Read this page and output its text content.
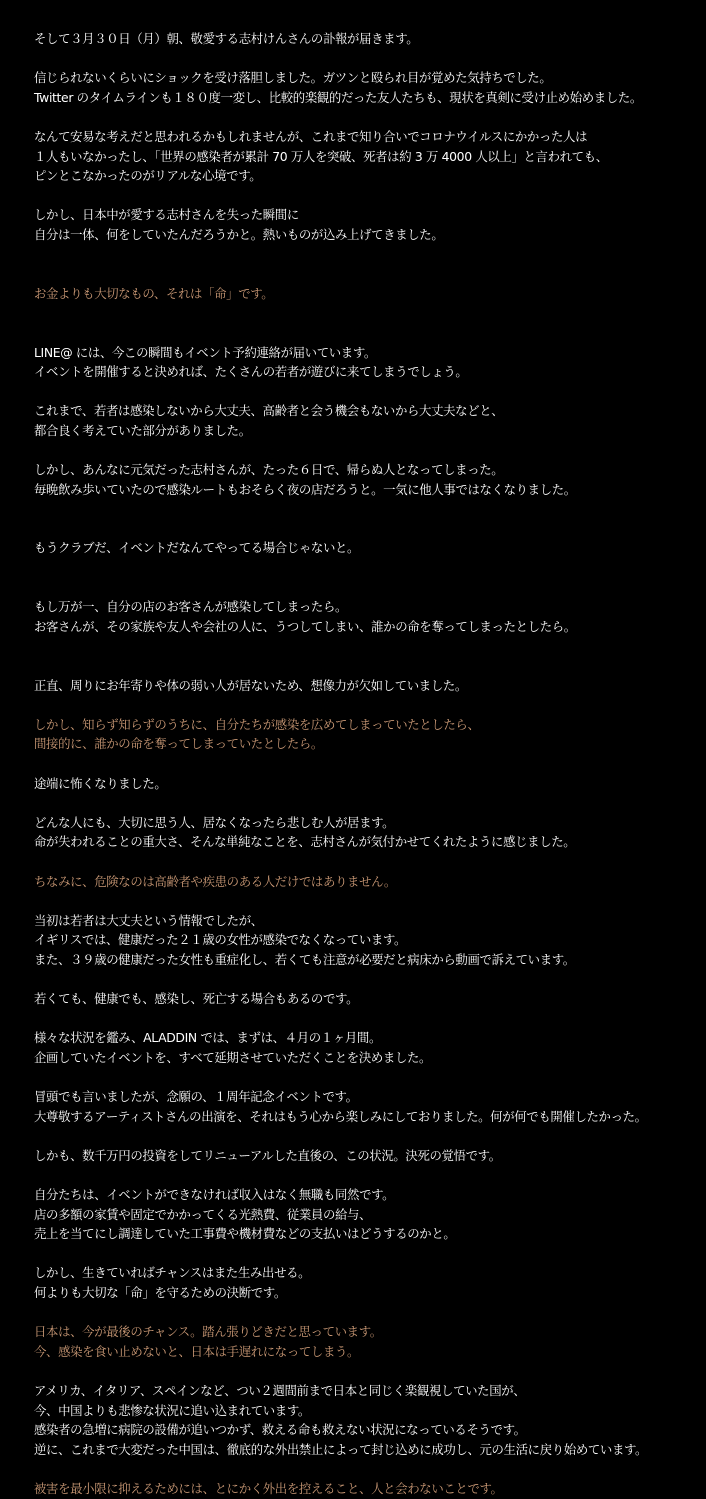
そして３月３０日（月）朝、敬愛する志村けんさんの訃報が届きます。
信じられないくらいにショックを受け落胆しました。ガツンと殴られ目が覚めた気持ちでした。
Twitter のタイムラインも１８０度一変し、比較的楽観的だった友人たちも、現状を真剣に受け止め始めました。
なんて安易な考えだと思われるかもしれませんが、これまで知り合いでコロナウイルスにかかった人は
１人もいなかったし、「世界の感染者が累計 70 万人を突破、死者は約 3 万 4000 人以上」と言われても、
ピンとこなかったのがリアルな心境です。
しかし、日本中が愛する志村さんを失った瞬間に
自分は一体、何をしていたんだろうかと。熱いものが込み上げてきました。
お金よりも大切なもの、それは「命」です。
LINE@ には、今この瞬間もイベント予約連絡が届いています。
イベントを開催すると決めれば、たくさんの若者が遊びに来てしまうでしょう。
これまで、若者は感染しないから大丈夫、高齢者と会う機会もないから大丈夫などと、
都合良く考えていた部分がありました。
しかし、あんなに元気だった志村さんが、たった６日で、帰らぬ人となってしまった。
毎晩飲み歩いていたので感染ルートもおそらく夜の店だろうと。一気に他人事ではなくなりました。
もうクラブだ、イベントだなんてやってる場合じゃないと。
もし万が一、自分の店のお客さんが感染してしまったら。
お客さんが、その家族や友人や会社の人に、うつしてしまい、誰かの命を奪ってしまったとしたら。
正直、周りにお年寄りや体の弱い人が居ないため、想像力が欠如していました。
しかし、知らず知らずのうちに、自分たちが感染を広めてしまっていたとしたら、
間接的に、誰かの命を奪ってしまっていたとしたら。
途端に怖くなりました。
どんな人にも、大切に思う人、居なくなったら悲しむ人が居ます。
命が失われることの重大さ、そんな単純なことを、志村さんが気付かせてくれたように感じました。
ちなみに、危険なのは高齢者や疾患のある人だけではありません。
当初は若者は大丈夫という情報でしたが、
イギリスでは、健康だった２１歳の女性が感染でなくなっています。
また、３９歳の健康だった女性も重症化し、若くても注意が必要だと病床から動画で訴えています。
若くても、健康でも、感染し、死亡する場合もあるのです。
様々な状況を鑑み、ALADDIN では、まずは、４月の１ヶ月間。
企画していたイベントを、すべて延期させていただくことを決めました。
冒頭でも言いましたが、念願の、１周年記念イベントです。
大尊敬するアーティストさんの出演を、それはもう心から楽しみにしておりました。何が何でも開催したかった。
しかも、数千万円の投資をしてリニューアルした直後の、この状況。決死の覚悟です。
自分たちは、イベントができなければ収入はなく無職も同然です。
店の多額の家賃や固定でかかってくる光熱費、従業員の給与、
売上を当てにし調達していた工事費や機材費などの支払いはどうするのかと。
しかし、生きていればチャンスはまた生み出せる。
何よりも大切な「命」を守るための決断です。
日本は、今が最後のチャンス。踏ん張りどきだと思っています。
今、感染を食い止めないと、日本は手遅れになってしまう。
アメリカ、イタリア、スペインなど、つい２週間前まで日本と同じく楽観視していた国が、
今、中国よりも悲惨な状況に追い込まれています。
感染者の急増に病院の設備が追いつかず、救える命も救えない状況になっているそうです。
逆に、これまで大変だった中国は、徹底的な外出禁止によって封じ込めに成功し、元の生活に戻り始めています。
被害を最小限に抑えるためには、とにかく外出を控えること、人と会わないことです。
